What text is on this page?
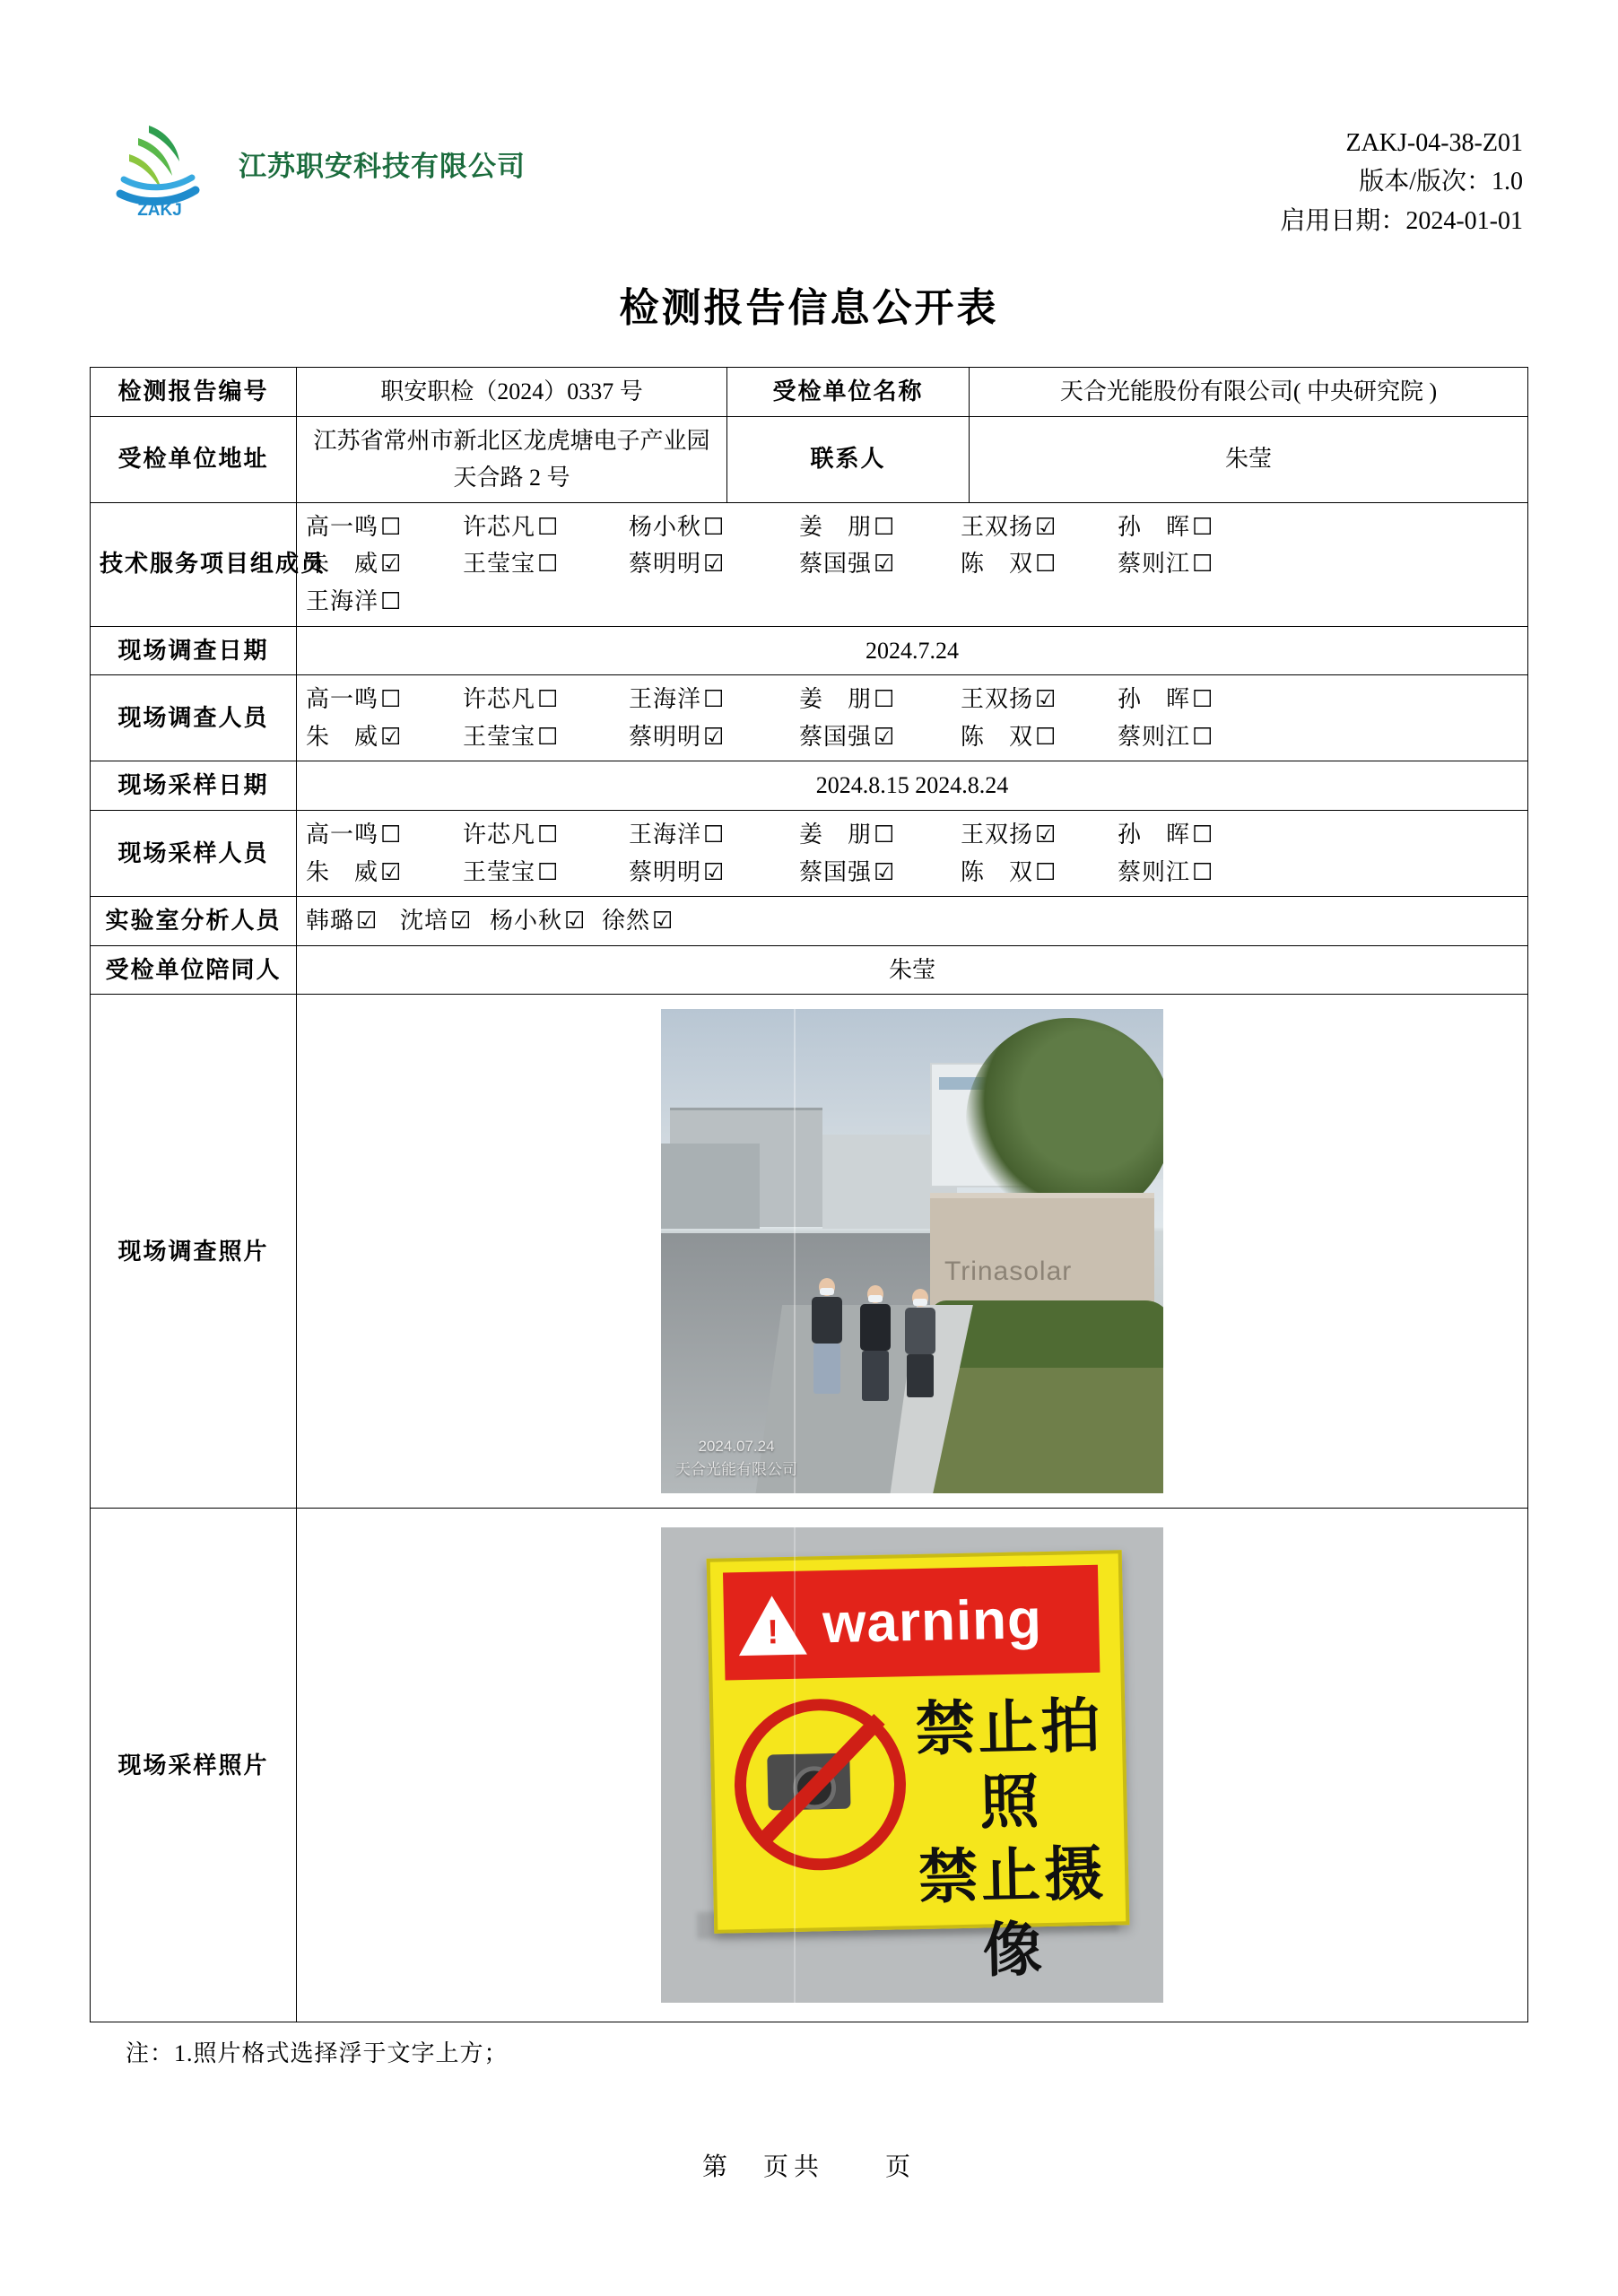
ZAKJ
江苏职安科技有限公司
ZAKJ-04-38-Z01
版本/版次：1.0
启用日期：2024-01-01
检测报告信息公开表
检测报告编号	职安职检（2024）0337 号	受检单位名称	天合光能股份有限公司( 中央研究院 )
受检单位地址	江苏省常州市新北区龙虎塘电子产业园天合路 2 号	联系人	朱莹
技术服务项目组成员	
高一鸣 ☐	许芯凡 ☐	杨小秋 ☐	姜　朋 ☐	王双扬 ☑	孙　晖 ☐
朱　威 ☑	王莹宝 ☐	蔡明明 ☑	蔡国强 ☑	陈　双 ☐	蔡则江 ☐
王海洋 ☐

现场调查日期	2024.7.24		
现场调查人员	
高一鸣 ☐	许芯凡 ☐	王海洋 ☐	姜　朋 ☐	王双扬 ☑	孙　晖 ☐
朱　威 ☑	王莹宝 ☐	蔡明明 ☑	蔡国强 ☑	陈　双 ☐	蔡则江 ☐

现场采样日期	2024.8.15 2024.8.24		
现场采样人员	
高一鸣 ☐	许芯凡 ☐	王海洋 ☐	姜　朋 ☐	王双扬 ☑	孙　晖 ☐
朱　威 ☑	王莹宝 ☐	蔡明明 ☑	蔡国强 ☑	陈　双 ☐	蔡则江 ☐

实验室分析人员	韩璐 ☑ 沈培 ☑ 杨小秋 ☑ 徐然 ☑

受检单位陪同人	朱莹		
现场调查照片	Trinasolar
2024.07.24
天合光能有限公司		

现场采样照片	
!
warning
禁止拍照
禁止摄像
注：1.照片格式选择浮于文字上方；
第　页共　　页
